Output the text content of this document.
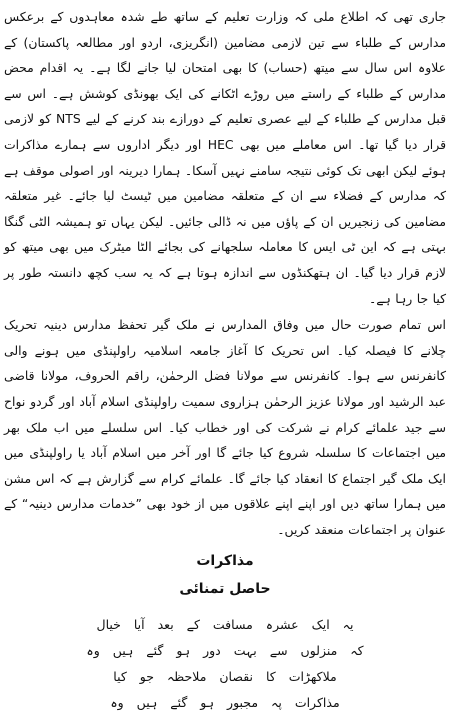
جاری تھی کہ اطلاع ملی کہ وزارت تعلیم کے ساتھ طے شدہ معاہدوں کے برعکس مدارس کے طلباء سے تین لازمی مضامین (انگریزی، اردو اور مطالعہ پاکستان) کے علاوہ اس سال سے میتھ (حساب) کا بھی امتحان لیا جانے لگا ہے۔ یہ اقدام محض مدارس کے طلباء کے راستے میں روڑے اٹکانے کی ایک بھونڈی کوشش ہے۔ اس سے قبل مدارس کے طلباء کے لیے عصری تعلیم کے دورازے بند کرنے کے لیے NTS کو لازمی قرار دیا گیا تھا۔ اس معاملے میں بھی HEC اور دیگر اداروں سے ہمارے مذاکرات ہوئے لیکن ابھی تک کوئی نتیجہ سامنے نہیں آسکا۔ ہمارا دیرینہ اور اصولی موقف ہے کہ مدارس کے فضلاء سے ان کے متعلقہ مضامین میں ٹیسٹ لیا جائے۔ غیر متعلقہ مضامین کی زنجیریں ان کے پاؤں میں نہ ڈالی جائیں۔ لیکن یہاں تو ہمیشہ الٹی گنگا بہتی ہے کہ این ٹی ایس کا معاملہ سلجھانے کی بجائے الٹا میٹرک میں بھی میتھ کو لازم قرار دیا گیا۔ ان ہتھکنڈوں سے اندازہ ہوتا ہے کہ یہ سب کچھ دانستہ طور پر کیا جا رہا ہے۔

اس تمام صورت حال میں وفاق المدارس نے ملک گیر تحفظ مدارس دینیہ تحریک چلانے کا فیصلہ کیا۔ اس تحریک کا آغاز جامعہ اسلامیہ راولپنڈی میں ہونے والی کانفرنس سے ہوا۔ کانفرنس سے مولانا فضل الرحمٰن، راقم الحروف، مولانا قاضی عبد الرشید اور مولانا عزیز الرحمٰن ہزاروی سمیت راولپنڈی اسلام آباد اور گردو نواح سے جید علمائے کرام نے شرکت کی اور خطاب کیا۔ اس سلسلے میں اب ملک بھر میں اجتماعات کا سلسلہ شروع کیا جائے گا اور آخر میں اسلام آباد یا راولپنڈی میں ایک ملک گیر اجتماع کا انعقاد کیا جائے گا۔ علمائے کرام سے گزارش ہے کہ اس مشن میں ہمارا ساتھ دیں اور اپنے اپنے علاقوں میں از خود بھی ”خدمات مدارس دینیہ“ کے عنوان پر اجتماعات منعقد کریں۔

مذاکرات
حاصل تمنائی
یہ ایک عشرہ مسافت کے بعد آیا خیال
کہ منزلوں سے بہت دور ہو گئے ہیں وہ
ملاکھڑات کا نقصان ملاحظہ جو کیا
مذاکرات پہ مجبور ہو گئے ہیں وہ
